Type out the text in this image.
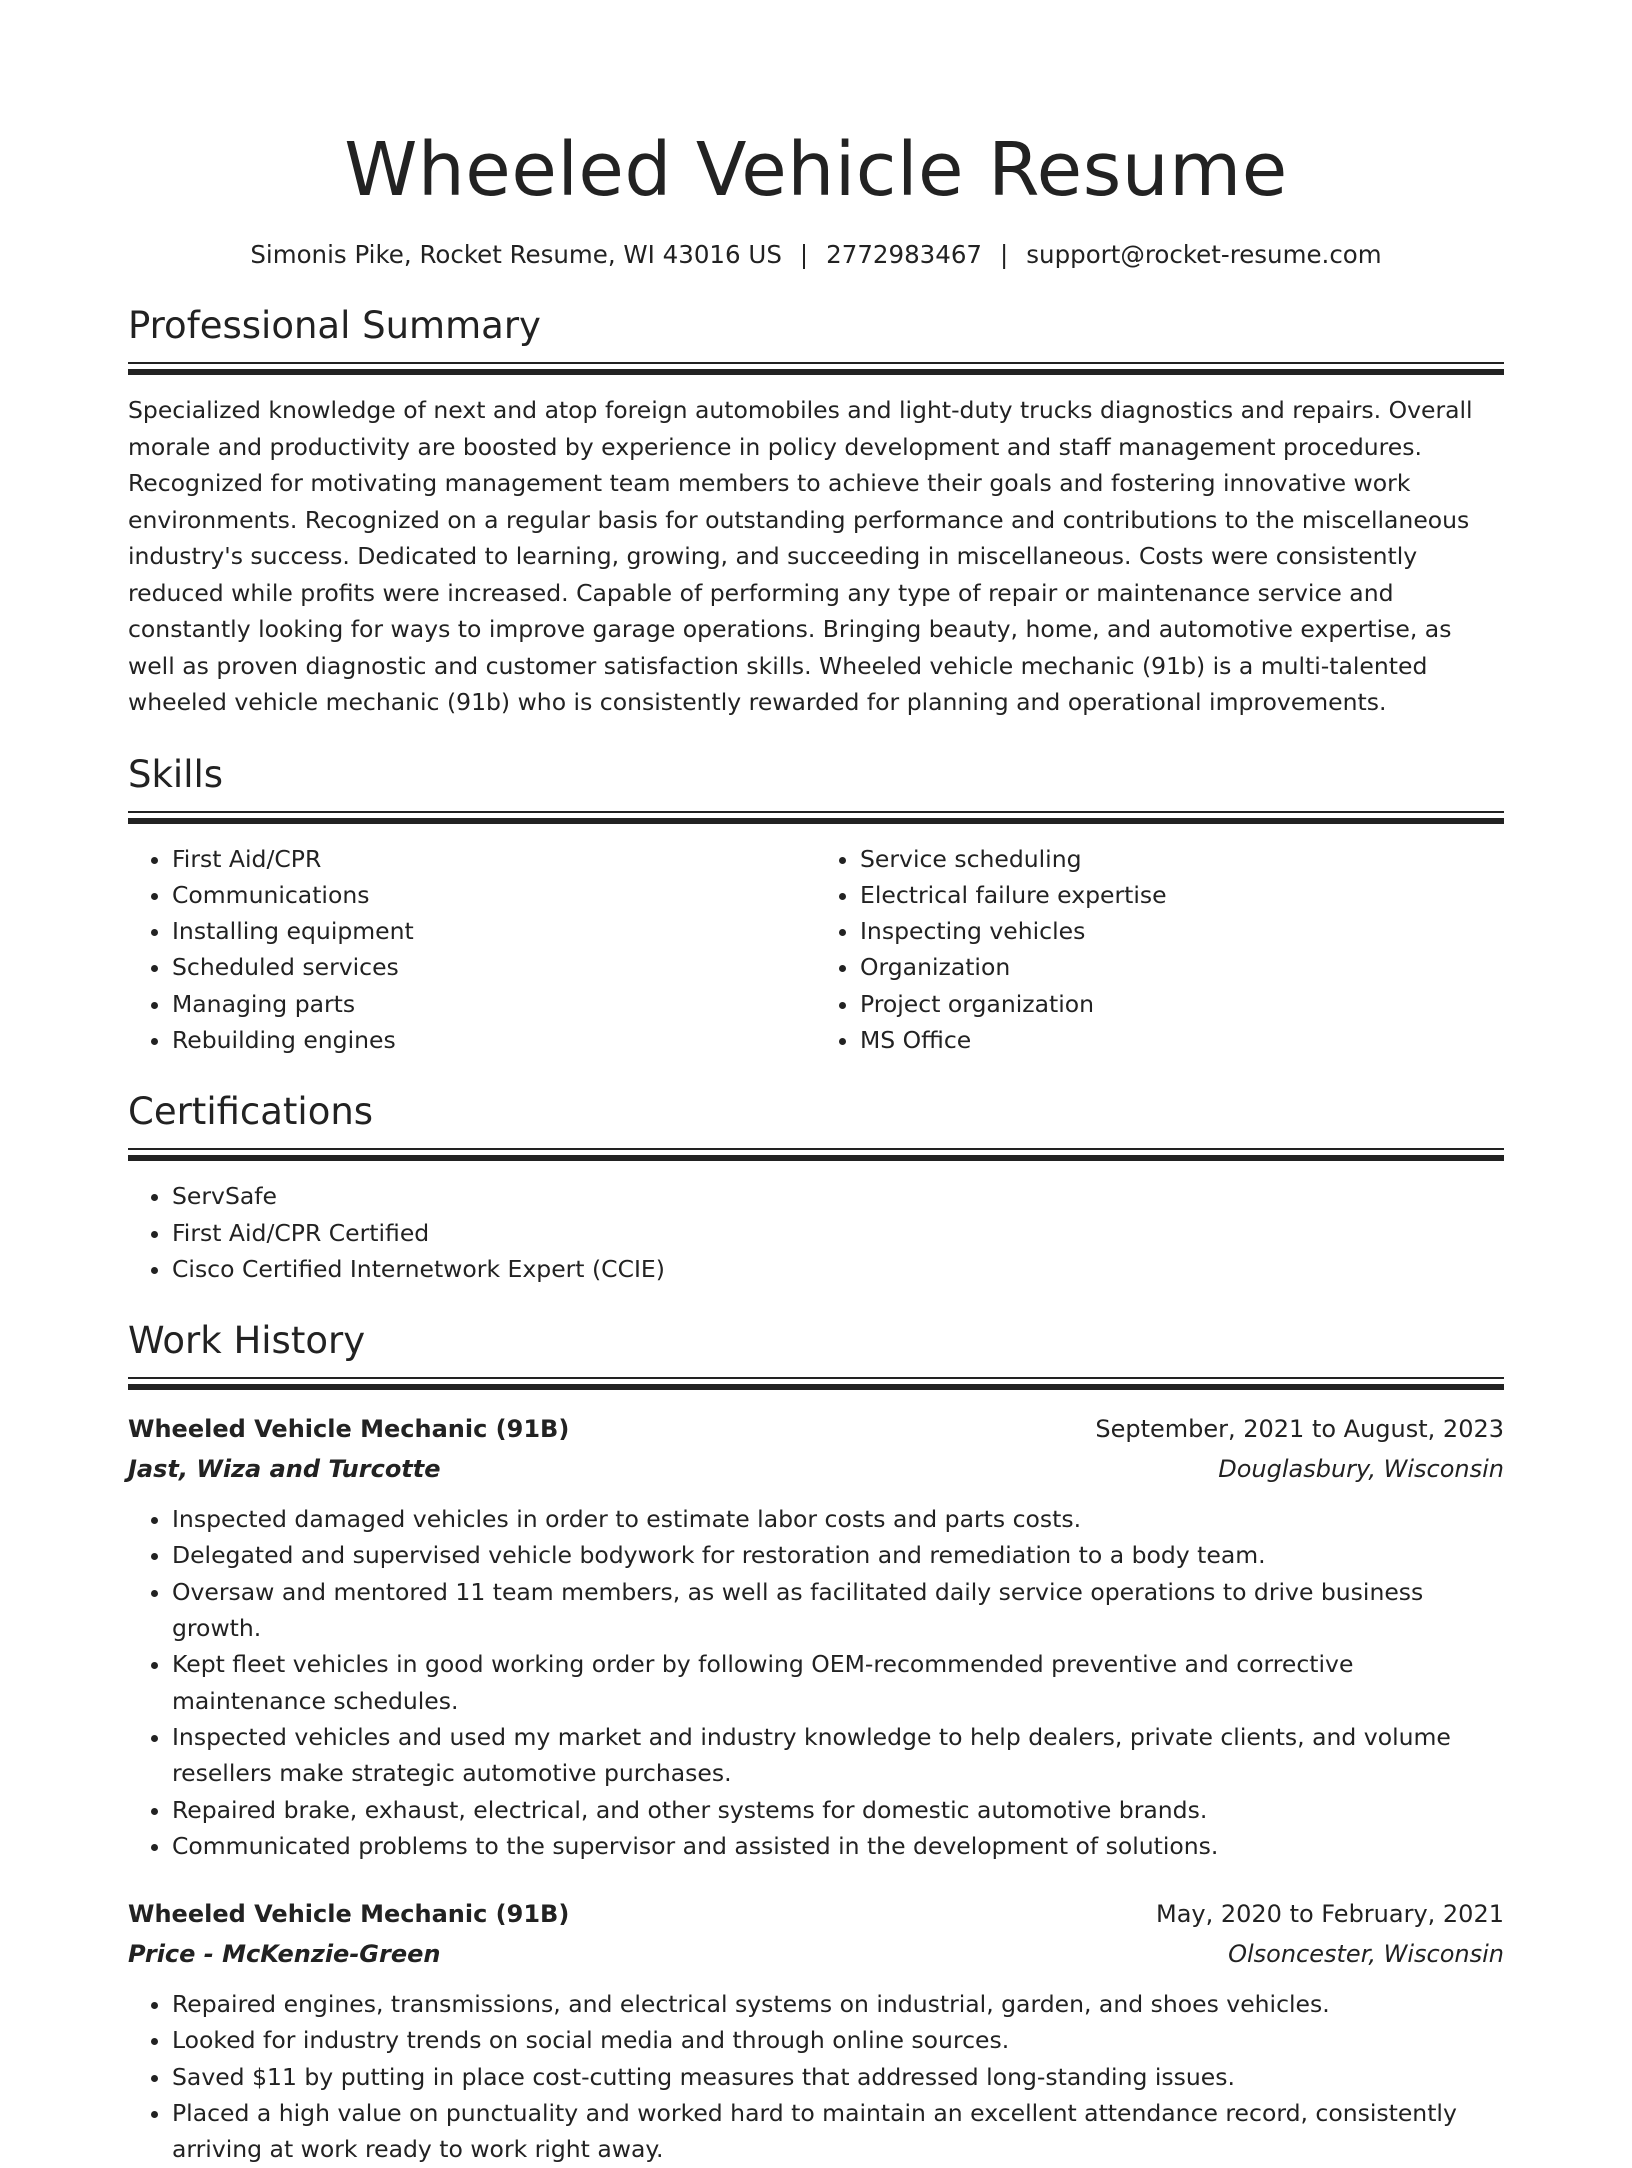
Wheeled Vehicle Resume
Simonis Pike, Rocket Resume, WI 43016 US | 2772983467 | support@rocket-resume.com
Professional Summary
Specialized knowledge of next and atop foreign automobiles and light-duty trucks diagnostics and repairs. Overall morale and productivity are boosted by experience in policy development and staff management procedures. Recognized for motivating management team members to achieve their goals and fostering innovative work environments. Recognized on a regular basis for outstanding performance and contributions to the miscellaneous industry's success. Dedicated to learning, growing, and succeeding in miscellaneous. Costs were consistently reduced while profits were increased. Capable of performing any type of repair or maintenance service and constantly looking for ways to improve garage operations. Bringing beauty, home, and automotive expertise, as well as proven diagnostic and customer satisfaction skills. Wheeled vehicle mechanic (91b) is a multi-talented wheeled vehicle mechanic (91b) who is consistently rewarded for planning and operational improvements.
Skills
• First Aid/CPR
• Communications
• Installing equipment
• Scheduled services
• Managing parts
• Rebuilding engines
• Service scheduling
• Electrical failure expertise
• Inspecting vehicles
• Organization
• Project organization
• MS Office
Certifications
• ServSafe
• First Aid/CPR Certified
• Cisco Certified Internetwork Expert (CCIE)
Work History
Wheeled Vehicle Mechanic (91B)	September, 2021 to August, 2023
Jast, Wiza and Turcotte	Douglasbury, Wisconsin
• Inspected damaged vehicles in order to estimate labor costs and parts costs.
• Delegated and supervised vehicle bodywork for restoration and remediation to a body team.
• Oversaw and mentored 11 team members, as well as facilitated daily service operations to drive business growth.
• Kept fleet vehicles in good working order by following OEM-recommended preventive and corrective maintenance schedules.
• Inspected vehicles and used my market and industry knowledge to help dealers, private clients, and volume resellers make strategic automotive purchases.
• Repaired brake, exhaust, electrical, and other systems for domestic automotive brands.
• Communicated problems to the supervisor and assisted in the development of solutions.
Wheeled Vehicle Mechanic (91B)	May, 2020 to February, 2021
Price - McKenzie-Green	Olsoncester, Wisconsin
• Repaired engines, transmissions, and electrical systems on industrial, garden, and shoes vehicles.
• Looked for industry trends on social media and through online sources.
• Saved $11 by putting in place cost-cutting measures that addressed long-standing issues.
• Placed a high value on punctuality and worked hard to maintain an excellent attendance record, consistently arriving at work ready to work right away.
